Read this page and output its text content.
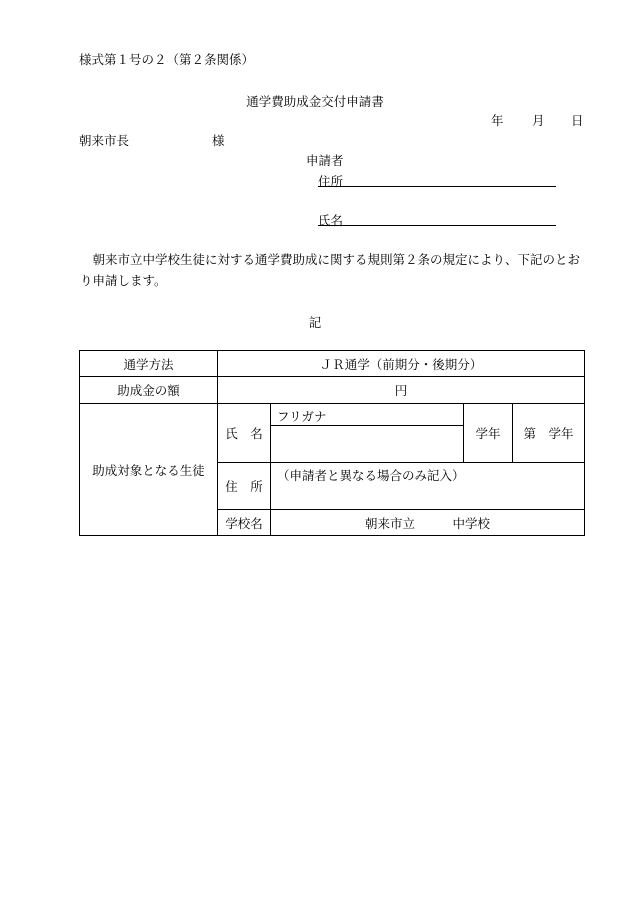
様式第１号の２（第２条関係）
通学費助成金交付申請書
年 月 日
朝来市長	様
申請者
住所
氏名
　朝来市立中学校生徒に対する通学費助成に関する規則第２条の規定により、下記のとおり申請します。
記
通学方法	ＪＲ通学（前期分・後期分）			
助成金の額	円			
助成対象となる生徒	氏　名	フリガナ	学年	第　学年

	住　所	（申請者と異なる場合のみ記入）		
	学校名	朝来市立　　　中学校		
